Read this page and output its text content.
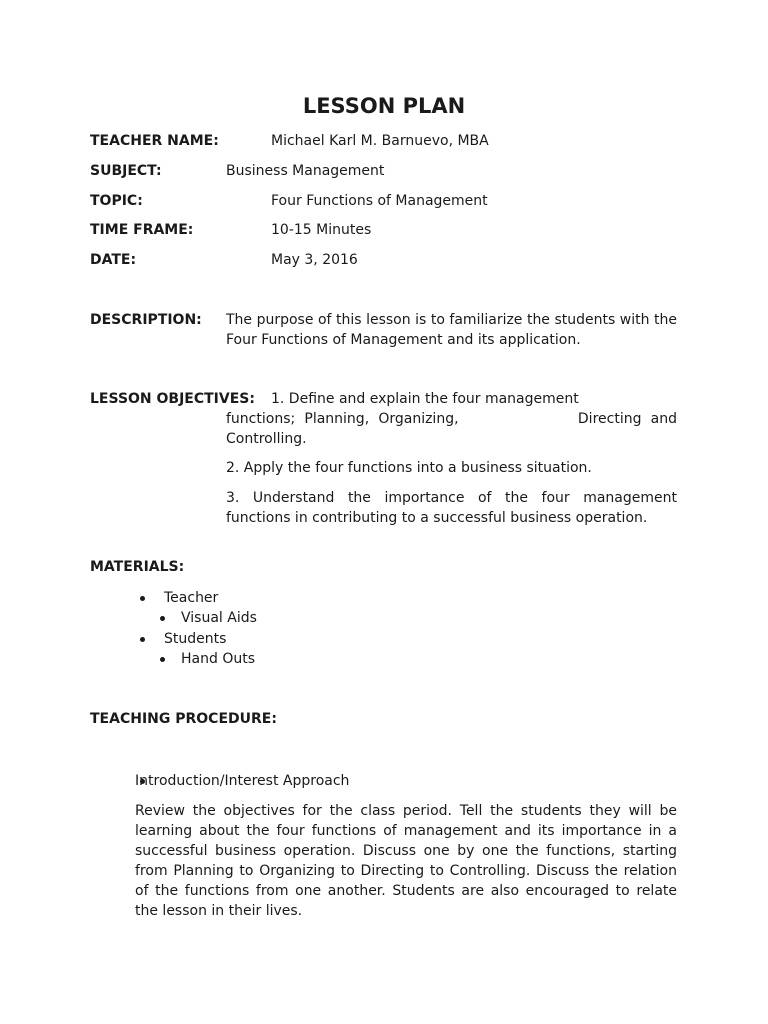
LESSON PLAN
TEACHER NAME:	Michael Karl M. Barnuevo, MBA
SUBJECT:	Business Management
TOPIC:	Four Functions of Management
TIME FRAME:	10-15 Minutes
DATE:	May 3, 2016
DESCRIPTION: The purpose of this lesson is to familiarize the students with the Four Functions of Management and its application.
LESSON OBJECTIVES: 1. Define and explain the four management
functions; Planning, Organizing,             Directing and Controlling.
2. Apply the four functions into a business situation.
3. Understand the importance of the four management functions in contributing to a successful business operation.
MATERIALS:
Teacher
Visual Aids
Students
Hand Outs
TEACHING PROCEDURE:
Introduction/Interest Approach
Review the objectives for the class period. Tell the students they will be learning about the four functions of management and its importance in a successful business operation. Discuss one by one the functions, starting from Planning to Organizing to Directing to Controlling. Discuss the relation of the functions from one another. Students are also encouraged to relate the lesson in their lives.
